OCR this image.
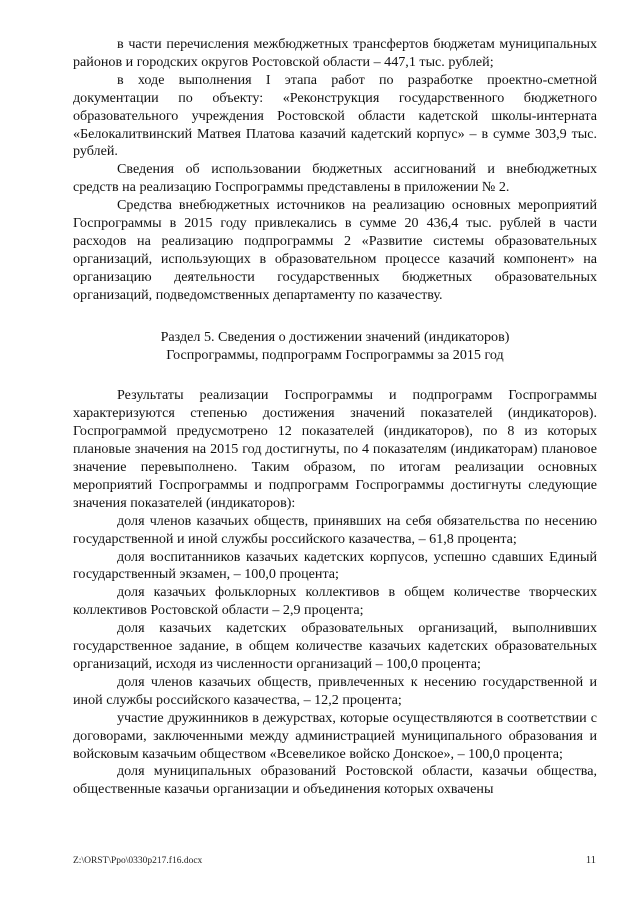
в части перечисления межбюджетных трансфертов бюджетам муниципальных районов и городских округов Ростовской области – 447,1 тыс. рублей;

в ходе выполнения I этапа работ по разработке проектно-сметной документации по объекту: «Реконструкция государственного бюджетного образовательного учреждения Ростовской области кадетской школы-интерната «Белокалитвинский Матвея Платова казачий кадетский корпус» – в сумме 303,9 тыс. рублей.

Сведения об использовании бюджетных ассигнований и внебюджетных средств на реализацию Госпрограммы представлены в приложении № 2.

Средства внебюджетных источников на реализацию основных мероприятий Госпрограммы в 2015 году привлекались в сумме 20 436,4 тыс. рублей в части расходов на реализацию подпрограммы 2 «Развитие системы образовательных организаций, использующих в образовательном процессе казачий компонент» на организацию деятельности государственных бюджетных образовательных организаций, подведомственных департаменту по казачеству.

Раздел 5. Сведения о достижении значений (индикаторов)
Госпрограммы, подпрограмм Госпрограммы за 2015 год

Результаты реализации Госпрограммы и подпрограмм Госпрограммы характеризуются степенью достижения значений показателей (индикаторов). Госпрограммой предусмотрено 12 показателей (индикаторов), по 8 из которых плановые значения на 2015 год достигнуты, по 4 показателям (индикаторам) плановое значение перевыполнено. Таким образом, по итогам реализации основных мероприятий Госпрограммы и подпрограмм Госпрограммы достигнуты следующие значения показателей (индикаторов):

доля членов казачьих обществ, принявших на себя обязательства по несению государственной и иной службы российского казачества, – 61,8 процента;

доля воспитанников казачьих кадетских корпусов, успешно сдавших Единый государственный экзамен, – 100,0 процента;

доля казачьих фольклорных коллективов в общем количестве творческих коллективов Ростовской области – 2,9 процента;

доля казачьих кадетских образовательных организаций, выполнивших государственное задание, в общем количестве казачьих кадетских образовательных организаций, исходя из численности организаций – 100,0 процента;

доля членов казачьих обществ, привлеченных к несению государственной и иной службы российского казачества, – 12,2 процента;

участие дружинников в дежурствах, которые осуществляются в соответствии с договорами, заключенными между администрацией муниципального образования и войсковым казачьим обществом «Всевеликое войско Донское», – 100,0 процента;

доля муниципальных образований Ростовской области, казачьи общества, общественные казачьи организации и объединения которых охвачены

Z:\ORST\Ppo\0330p217.f16.docx	11
